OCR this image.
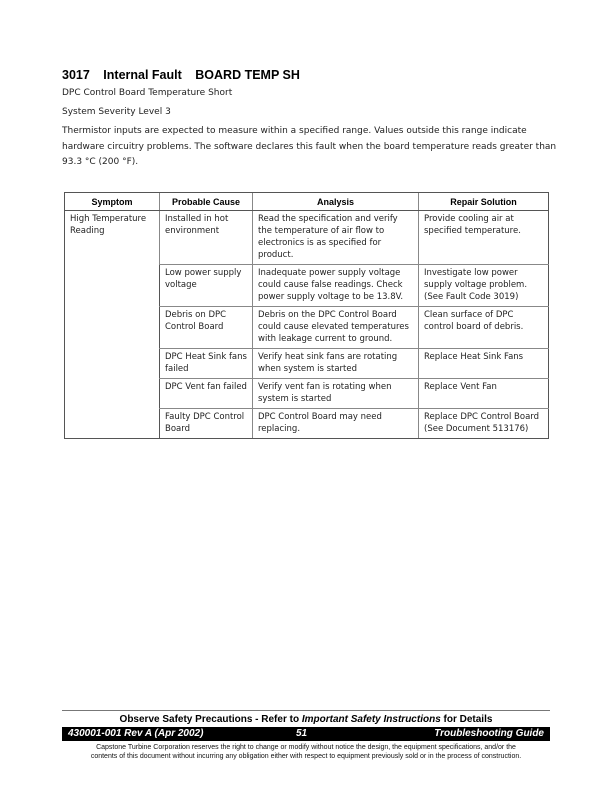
3017 Internal Fault BOARD TEMP SH
DPC Control Board Temperature Short
System Severity Level 3
Thermistor inputs are expected to measure within a specified range. Values outside this range indicate hardware circuitry problems. The software declares this fault when the board temperature reads greater than 93.3 °C (200 °F).
Symptom	Probable Cause	Analysis	Repair Solution
High Temperature Reading	Installed in hot environment	Read the specification and verify the temperature of air flow to electronics is as specified for product.	Provide cooling air at specified temperature.
	Low power supply voltage	Inadequate power supply voltage could cause false readings. Check power supply voltage to be 13.8V.	Investigate low power supply voltage problem. (See Fault Code 3019)
	Debris on DPC Control Board	Debris on the DPC Control Board could cause elevated temperatures with leakage current to ground.	Clean surface of DPC control board of debris.
	DPC Heat Sink fans failed	Verify heat sink fans are rotating when system is started	Replace Heat Sink Fans
	DPC Vent fan failed	Verify vent fan is rotating when system is started	Replace Vent Fan
	Faulty DPC Control Board	DPC Control Board may need replacing.	Replace DPC Control Board (See Document 513176)
Observe Safety Precautions - Refer to Important Safety Instructions for Details
430001-001 Rev A (Apr 2002)	51	Troubleshooting Guide
Capstone Turbine Corporation reserves the right to change or modify without notice the design, the equipment specifications, and/or the
contents of this document without incurring any obligation either with respect to equipment previously sold or in the process of construction.
